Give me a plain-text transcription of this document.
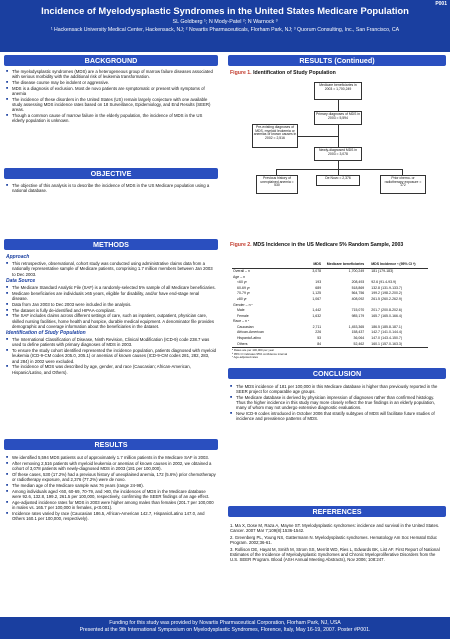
P001
Incidence of Myelodysplastic Syndromes in the United States Medicare Population
SL Goldberg ¹; N Mody-Patel ²; N Warnock ³
¹ Hackensack University Medical Center, Hackensack, NJ; ² Novartis Pharmaceuticals, Florham Park, NJ; ³ Quorum Consulting, Inc., San Francisco, CA
BACKGROUND
■ The myelodysplastic syndromes (MDS) are a heterogeneous group of marrow failure diseases associated with serious morbidity with the additional risk of leukemia transformation.
■ The disease course may be indolent or aggressive.
■ MDS is a diagnosis of exclusion. Most de novo patients are symptomatic or present with symptoms of anemia
■ The incidence of these disorders in the United States (US) remain largely conjecture with one available study assessing MDS incidence rates based on 18 Surveillance, Epidemiology, and End Results (SEER) areas.
■ Though a common cause of marrow failure in the elderly population, the incidence of MDS in the US elderly population is unknown.
OBJECTIVE
■ The objective of this analysis is to describe the incidence of MDS in the US Medicare population using a national database.
METHODS
Approach
■ This retrospective, observational, cohort study was conducted using administrative claims data from a nationally representative sample of Medicare patients, comprising 1.7 million members between Jan 2003 to Dec 2003.
Data Source
■ The Medicare Standard Analytic File (SAF) is a randomly-selected 5% sample of all Medicare beneficiaries.
■ Medicare beneficiaries are individuals ≥65 years, eligible for disability, and/or have end-stage renal disease.
■ Data from Jan 2003 to Dec 2003 were included in the analysis.
■ The dataset is fully de-identified and HIPAA-compliant.
■ The SAF includes claims across different settings of care, such as inpatient, outpatient, physician care, skilled nursing facilities, home health and hospice, durable medical equipment. A denominator file provides demographic and coverage information about the beneficiaries in the dataset.
Identification of Study Population
■ The International Classification of Disease, Ninth Revision, Clinical Modification (ICD-9) code 238.7 was used to define patients with primary diagnoses of MDS in 2003.
■ To ensure the study cohort identified represented the incidence population, patients diagnosed with myeloid leukemia (ICD-9-CM codes 205.0, 205.1) or anemias of known causes (ICD-9-CM codes 281, 282, 283, and 284) in 2002 were excluded.
■ The incidence of MDS was described by age, gender, and race (Caucasian; African-American, Hispanic/Latino, and Others).
RESULTS
■ We identified 5,594 MDS patients out of approximately 1.7 million patients in the Medicare SAF in 2003.
■ After removing 2,516 patients with myeloid leukemia or anemias of known causes in 2002, we obtained a cohort of 3,078 patients with newly-diagnosed MDS in 2003 (181 per 100,000).
■ Of these cases, 530 (17.2%) had a previous history of unexplained anemia, 172 (5.6%) prior chemotherapy or radiotherapy exposure, and 2,376 (77.2%) were de novo.
■ The median age of the Medicare sample was 76 years (range 24-98).
■ Among individuals aged <60, 60-69, 70-79, and >80, the incidences of MDS in the Medicare database were 92.6, 132.8, 199.2, 261.5 per 100,000, respectively, confirming the SEER findings of an age effect.
■ Age-adjusted incidence rates for MDS in 2003 were higher among males than females (201.7 per 100,000 in males vs. 165.7 per 100,000 in females, p<0.001).
■ Incidence rates varied by race (Caucasian 186.5, African-American 142.7, Hispanic/Latino 147.0, and Others 160.1 per 100,000, respectively).
RESULTS (Continued)
Figure 1. Identification of Study Population
Medicare beneficiaries in 2003 = 1,700,249
Primary diagnoses of MDS in 2003 = 5,594
Pre-existing diagnoses of MDS, myeloid leukemia or anemias of known causes in 2002 = 2,516
Newly-diagnosed MDS in 2003 = 3,078
Previous history of unexplained anemia = 530
De Novo = 2,376	Prior chemo- or radiotherapy exposure = 172
Figure 2. MDS Incidence in the US Medicare 5% Random Sample, 2003
	MDS	Medicare beneficiaries	MDS Incidence ᵃ (95% CI ᵇ)
Overall – n	3,078	1,700,249	181 (179-183)
Age – n			
<60 yr	193	208,493	92.6 (91.4-93.9)
60-69 yr	689	518,869	132.8 (131.9-133.7)
70-79 yr	1,125	564,756	199.2 (198.2-200.2)
≥80 yr	1,067	408,092	261.5 (260.2-262.9)
Gender – n ᶜ			
Male	1,442	715,070	201.7 (200.8-202.6)
Female	1,632	985,179	165.7 (165.0-166.4)
Race – n ᶜ			
Caucasian	2,711	1,453,365	186.5 (185.8-187.1)
African-American	226	158,437	142.7 (141.0-144.4)
Hispanic/Latino	53	36,064	147.0 (143.4-150.7)
Others	84	52,462	160.1 (157.0-163.3)
ᵃ Rates are per 100,000 per year
ᵇ 95% CI indicates 95% confidence interval
ᶜ Age-adjusted rates
CONCLUSION
■ The MDS incidence of 181 per 100,000 in this Medicare database is higher than previously reported in the SEER project for comparable age groups.
■ The Medicare database is derived by physician impression of diagnoses rather than confirmed histology. Thus the higher incidence in this study may more closely reflect the true findings in an elderly population, many of whom may not undergo extensive diagnostic evaluations.
■ New ICD-9 codes introduced in October 2006 that stratify subtypes of MDS will facilitate future studies of incidence and prevalence patterns of MDS.
REFERENCES
1. Ma X, Dose M, Raza A, Mayne ST. Myelodysplastic syndromes: incidence and survival in the United States. Cancer. 2007 Mar 7;109(8):1536-1542.
2. Greenberg PL, Young NS, Gattermann N. Myelodysplastic syndromes. Hematology Am Soc Hematol Educ Program. 2002;36-61.
3. Rollison DE, Hayat M, Smith M, Strom SS, Merritt WD, Ries L, Edwards BK, List AF. First Report of National Estimates of the Incidence of Myelodysplastic Syndromes and Chronic Myeloproliferative Disorders from the U.S. SEER Program. Blood (ASH Annual Meeting Abstracts), Nov 2006; 108:247.
Funding for this study was provided by Novartis Pharmaceutical Corporation, Florham Park, NJ, USA
Presented at the 9th International Symposium on Myelodysplastic Syndromes, Florence, Italy, May 16-19, 2007. Poster #P001.
